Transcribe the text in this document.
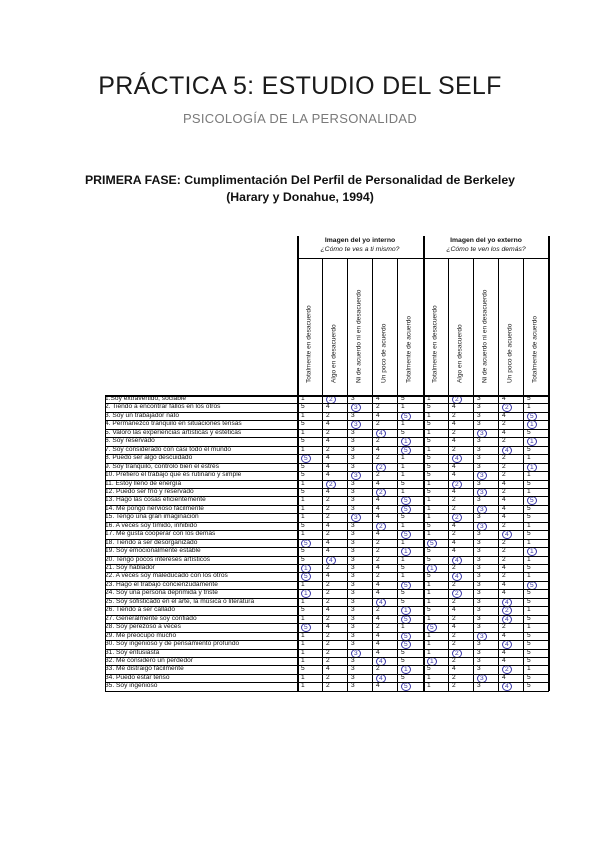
PRÁCTICA 5: ESTUDIO DEL SELF
PSICOLOGÍA DE LA PERSONALIDAD
PRIMERA FASE: Cumplimentación Del Perfil de Personalidad de Berkeley
(Harary y Donahue, 1994)
Imagen del yo interno
¿Cómo te ves a ti mismo?
Imagen del yo externo
¿Cómo te ven los demás?
Totalmente en desacuerdo	Algo en desacuerdo	Ni de acuerdo ni en desacuerdo	Un poco de acuerdo	Totalmente de acuerdo	Totalmente en desacuerdo	Algo en desacuerdo	Ni de acuerdo ni en desacuerdo	Un poco de acuerdo	Totalmente de acuerdo
1.Soy extravertido, sociable	1	2	3	4	5	1	2	3	4	5
2. Tiendo a encontrar fallos en los otros	5	4	3	2	1	5	4	3	2	1
3. Soy un trabajador nato	1	2	3	4	5	1	2	3	4	5
4. Permanezco tranquilo en situaciones tensas	5	4	3	2	1	5	4	3	2	1
5. Valoro las experiencias artísticas y estéticas	1	2	3	4	5	1	2	3	4	5
6. Soy reservado	5	4	3	2	1	5	4	3	2	1
7. Soy considerado con casi todo el mundo	1	2	3	4	5	1	2	3	4	5
8. Puedo ser algo descuidado	5	4	3	2	1	5	4	3	2	1
9. Soy tranquilo, controlo bien el estrés	5	4	3	2	1	5	4	3	2	1
10. Prefiero el trabajo que es rutinario y simple	5	4	3	2	1	5	4	3	2	1
11. Estoy lleno de energía	1	2	3	4	5	1	2	3	4	5
12. Puedo ser frío y reservado	5	4	3	2	1	5	4	3	2	1
13. Hago las cosas eficientemente	1	2	3	4	5	1	2	3	4	5
14. Me pongo nervioso fácilmente	1	2	3	4	5	1	2	3	4	5
15. Tengo una gran imaginación	1	2	3	4	5	1	2	3	4	5
16. A veces soy tímido, inhibido	5	4	3	2	1	5	4	3	2	1
17. Me gusta cooperar con los demás	1	2	3	4	5	1	2	3	4	5
18. Tiendo a ser desorganizado	5	4	3	2	1	5	4	3	2	1
19. Soy emocionalmente estable	5	4	3	2	1	5	4	3	2	1
20. Tengo pocos intereses artísticos	5	4	3	2	1	5	4	3	2	1
21. Soy hablador	1	2	3	4	5	1	2	3	4	5
22. A veces soy maleducado con los otros	5	4	3	2	1	5	4	3	2	1
23. Hago el trabajo concienzudamente	1	2	3	4	5	1	2	3	4	5
24. Soy una persona deprimida y triste	1	2	3	4	5	1	2	3	4	5
25. Soy sofisticado en el arte, la música o literatura	1	2	3	4	5	1	2	3	4	5
26. Tiendo a ser callado	5	4	3	2	1	5	4	3	2	1
27. Generalmente soy confiado	1	2	3	4	5	1	2	3	4	5
28. Soy perezoso a veces	5	4	3	2	1	5	4	3	2	1
29. Me preocupo mucho	1	2	3	4	5	1	2	3	4	5
30. Soy ingenioso y de pensamiento profundo	1	2	3	4	5	1	2	3	4	5
31. Soy entusiasta	1	2	3	4	5	1	2	3	4	5
32. Me considero un perdedor	1	2	3	4	5	1	2	3	4	5
33. Me distraigo fácilmente	5	4	3	2	1	5	4	3	2	1
34. Puedo estar tenso	1	2	3	4	5	1	2	3	4	5
35. Soy ingenioso	1	2	3	4	5	1	2	3	4	5
